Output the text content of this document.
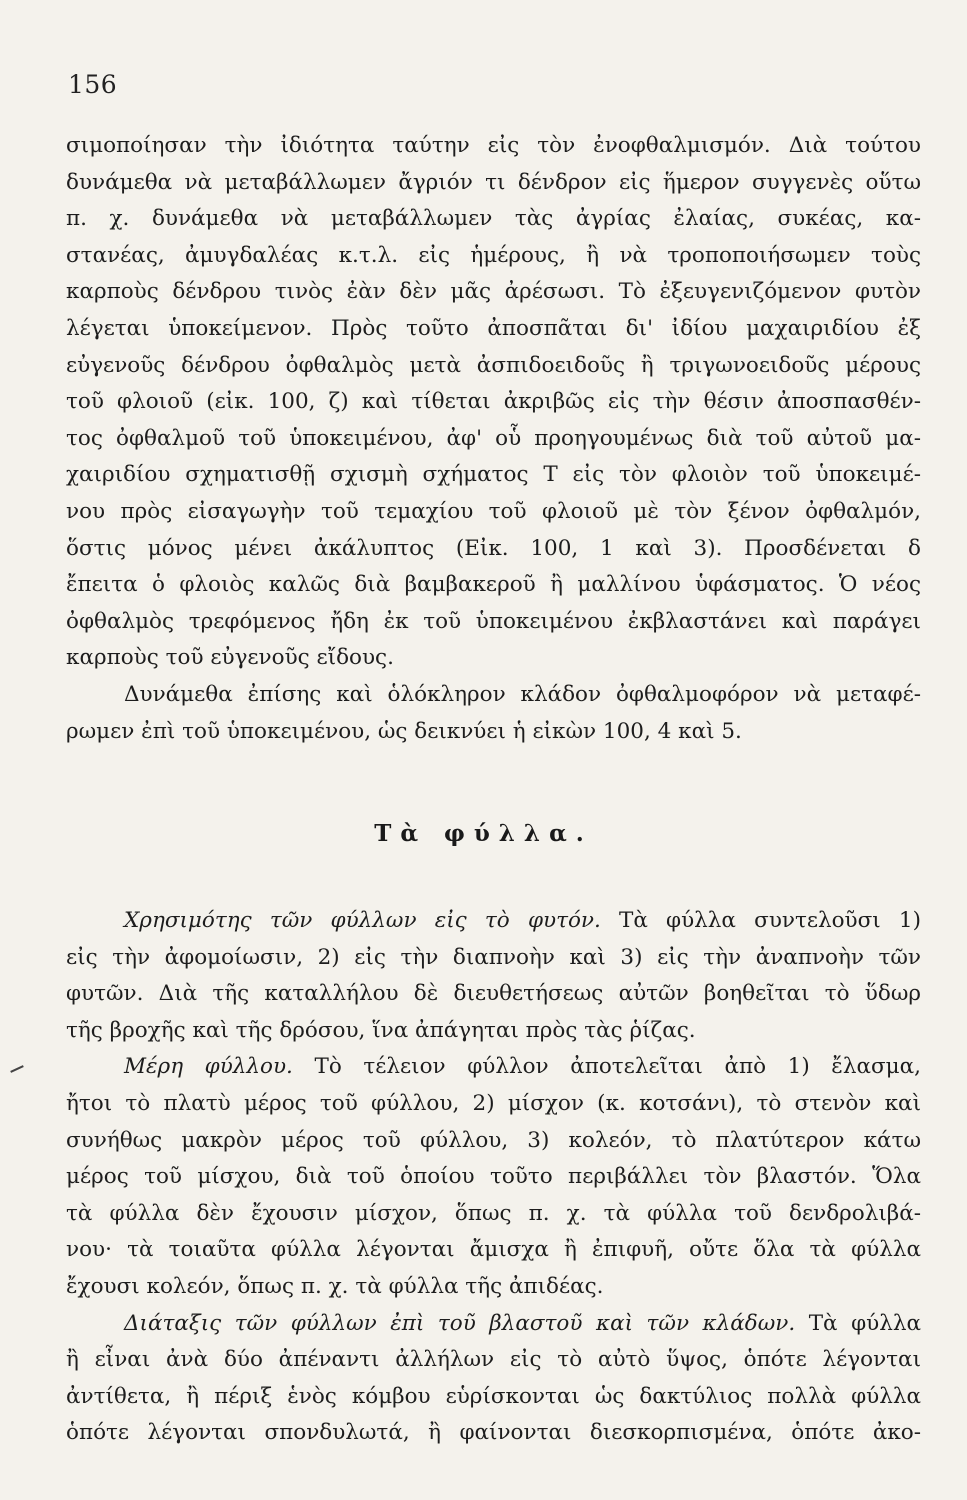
156
σιμοποίησαν τὴν ἰδιότητα ταύτην εἰς τὸν ἐνοφθαλμισμόν. Διὰ τούτου
δυνάμεθα νὰ μεταβάλλωμεν ἄγριόν τι δένδρον εἰς ἥμερον συγγενὲς οὕτω
π. χ. δυνάμεθα νὰ μεταβάλλωμεν τὰς ἀγρίας ἐλαίας, συκέας, κα-
στανέας, ἀμυγδαλέας κ.τ.λ. εἰς ἡμέρους, ἢ νὰ τροποποιήσωμεν τοὺς
καρποὺς δένδρου τινὸς ἐὰν δὲν μᾶς ἀρέσωσι. Τὸ ἐξευγενιζόμενον φυτὸν
λέγεται ὑποκείμενον. Πρὸς τοῦτο ἀποσπᾶται δι' ἰδίου μαχαιριδίου ἐξ
εὐγενοῦς δένδρου ὀφθαλμὸς μετὰ ἀσπιδοειδοῦς ἢ τριγωνοειδοῦς μέρους
τοῦ φλοιοῦ (εἰκ. 100, ζ) καὶ τίθεται ἀκριβῶς εἰς τὴν θέσιν ἀποσπασθέν-
τος ὀφθαλμοῦ τοῦ ὑποκειμένου, ἀφ' οὗ προηγουμένως διὰ τοῦ αὐτοῦ μα-
χαιριδίου σχηματισθῇ σχισμὴ σχήματος Τ εἰς τὸν φλοιὸν τοῦ ὑποκειμέ-
νου πρὸς εἰσαγωγὴν τοῦ τεμαχίου τοῦ φλοιοῦ μὲ τὸν ξένον ὀφθαλμόν,
ὅστις μόνος μένει ἀκάλυπτος (Εἰκ. 100, 1 καὶ 3). Προσδένεται δ
ἔπειτα ὁ φλοιὸς καλῶς διὰ βαμβακεροῦ ἢ μαλλίνου ὑφάσματος. Ὁ νέος
ὀφθαλμὸς τρεφόμενος ἤδη ἐκ τοῦ ὑποκειμένου ἐκβλαστάνει καὶ παράγει
καρποὺς τοῦ εὐγενοῦς εἴδους.
Δυνάμεθα ἐπίσης καὶ ὁλόκληρον κλάδον ὀφθαλμοφόρον νὰ μεταφέ-
ρωμεν ἐπὶ τοῦ ὑποκειμένου, ὡς δεικνύει ἡ εἰκὼν 100, 4 καὶ 5.
Τὰ φύλλα.
Χρησιμότης τῶν φύλλων εἰς τὸ φυτόν. Τὰ φύλλα συντελοῦσι 1)
εἰς τὴν ἀφομοίωσιν, 2) εἰς τὴν διαπνοὴν καὶ 3) εἰς τὴν ἀναπνοὴν τῶν
φυτῶν. Διὰ τῆς καταλλήλου δὲ διευθετήσεως αὐτῶν βοηθεῖται τὸ ὕδωρ
τῆς βροχῆς καὶ τῆς δρόσου, ἵνα ἀπάγηται πρὸς τὰς ῥίζας.
Μέρη φύλλου. Τὸ τέλειον φύλλον ἀποτελεῖται ἀπὸ 1) ἔλασμα,
ἤτοι τὸ πλατὺ μέρος τοῦ φύλλου, 2) μίσχον (κ. κοτσάνι), τὸ στενὸν καὶ
συνήθως μακρὸν μέρος τοῦ φύλλου, 3) κολεόν, τὸ πλατύτερον κάτω
μέρος τοῦ μίσχου, διὰ τοῦ ὁποίου τοῦτο περιβάλλει τὸν βλαστόν. Ὅλα
τὰ φύλλα δὲν ἔχουσιν μίσχον, ὅπως π. χ. τὰ φύλλα τοῦ δενδρολιβά-
νου· τὰ τοιαῦτα φύλλα λέγονται ἄμισχα ἢ ἐπιφυῆ, οὔτε ὅλα τὰ φύλλα
ἔχουσι κολεόν, ὅπως π. χ. τὰ φύλλα τῆς ἀπιδέας.
Διάταξις τῶν φύλλων ἐπὶ τοῦ βλαστοῦ καὶ τῶν κλάδων. Τὰ φύλλα
ἢ εἶναι ἀνὰ δύο ἀπέναντι ἀλλήλων εἰς τὸ αὐτὸ ὕψος, ὁπότε λέγονται
ἀντίθετα, ἢ πέριξ ἑνὸς κόμβου εὑρίσκονται ὡς δακτύλιος πολλὰ φύλλα
ὁπότε λέγονται σπονδυλωτά, ἢ φαίνονται διεσκορπισμένα, ὁπότε ἀκο-
